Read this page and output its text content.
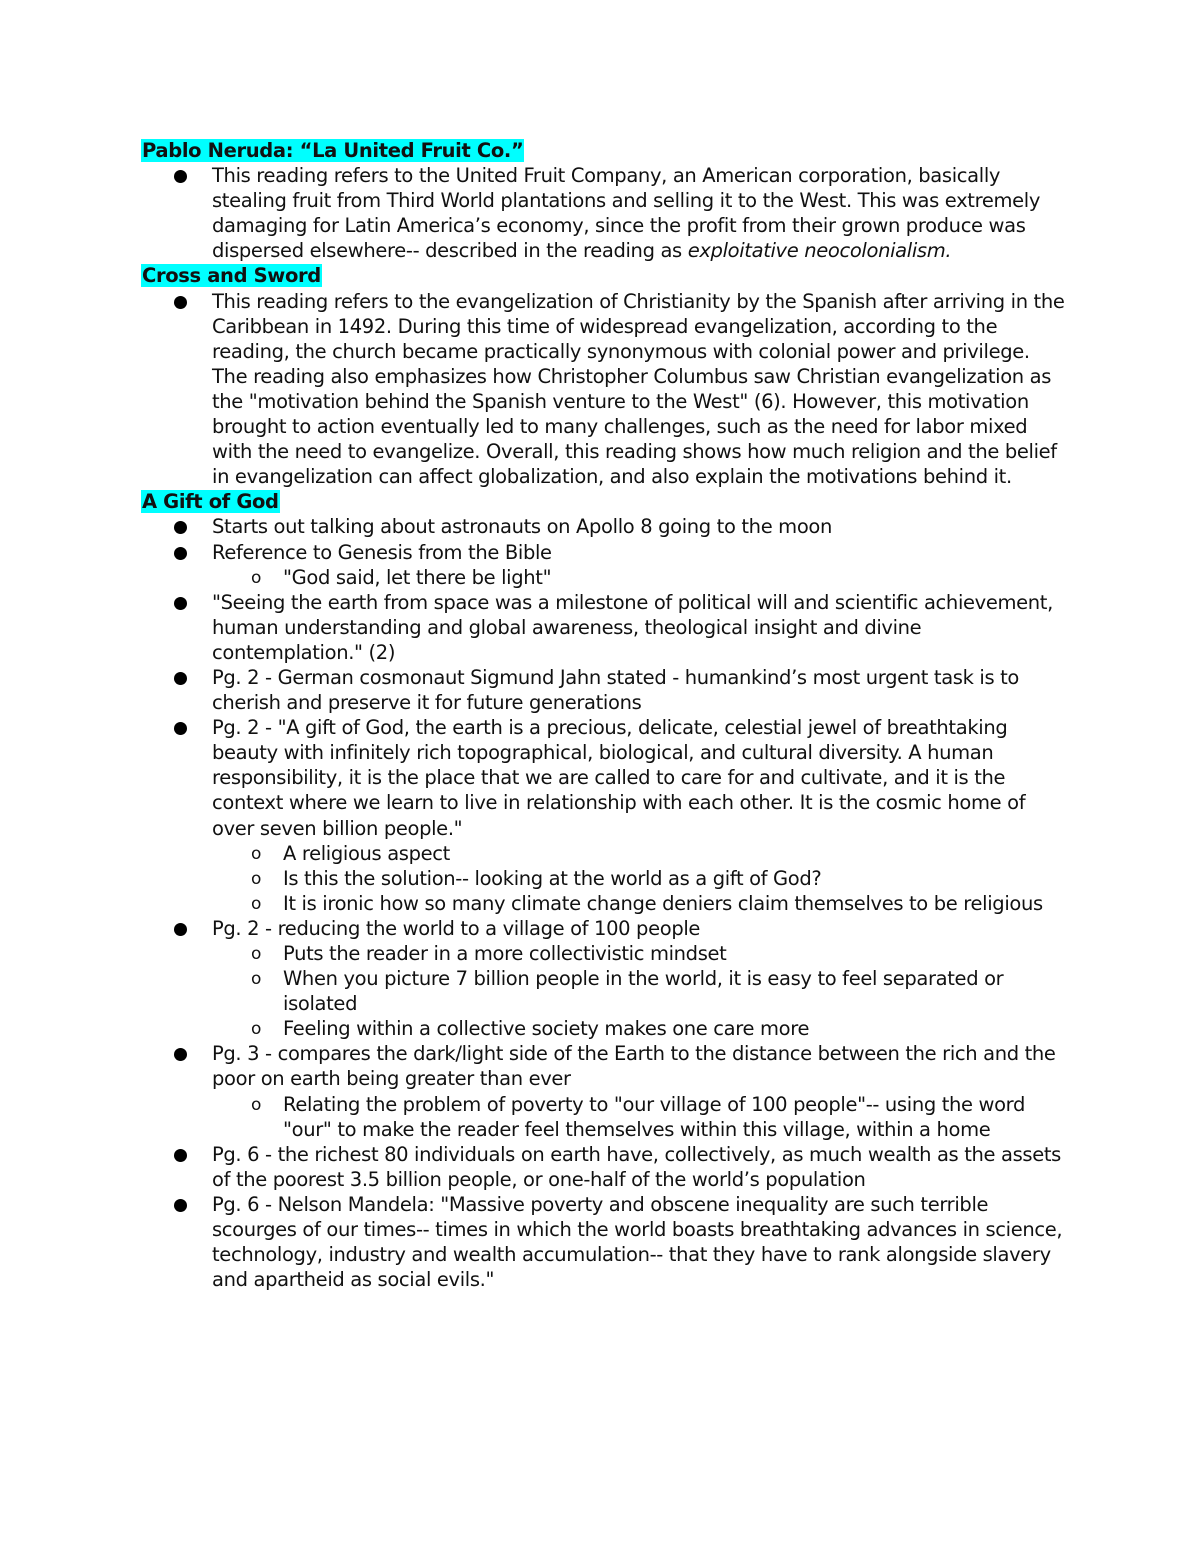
Pablo Neruda: “La United Fruit Co.”
This reading refers to the United Fruit Company, an American corporation, basically stealing fruit from Third World plantations and selling it to the West. This was extremely damaging for Latin America’s economy, since the profit from their grown produce was dispersed elsewhere-- described in the reading as exploitative neocolonialism.
Cross and Sword
This reading refers to the evangelization of Christianity by the Spanish after arriving in the Caribbean in 1492. During this time of widespread evangelization, according to the reading, the church became practically synonymous with colonial power and privilege. The reading also emphasizes how Christopher Columbus saw Christian evangelization as the "motivation behind the Spanish venture to the West" (6). However, this motivation brought to action eventually led to many challenges, such as the need for labor mixed with the need to evangelize. Overall, this reading shows how much religion and the belief in evangelization can affect globalization, and also explain the motivations behind it.
A Gift of God
Starts out talking about astronauts on Apollo 8 going to the moon
Reference to Genesis from the Bible
o "God said, let there be light"
"Seeing the earth from space was a milestone of political will and scientific achievement, human understanding and global awareness, theological insight and divine contemplation." (2)
Pg. 2 - German cosmonaut Sigmund Jahn stated - humankind’s most urgent task is to cherish and preserve it for future generations
Pg. 2 - "A gift of God, the earth is a precious, delicate, celestial jewel of breathtaking beauty with infinitely rich topographical, biological, and cultural diversity. A human responsibility, it is the place that we are called to care for and cultivate, and it is the context where we learn to live in relationship with each other. It is the cosmic home of over seven billion people."
o A religious aspect
o Is this the solution-- looking at the world as a gift of God?
o It is ironic how so many climate change deniers claim themselves to be religious
Pg. 2 - reducing the world to a village of 100 people
o Puts the reader in a more collectivistic mindset
o When you picture 7 billion people in the world, it is easy to feel separated or isolated
o Feeling within a collective society makes one care more
Pg. 3 - compares the dark/light side of the Earth to the distance between the rich and the poor on earth being greater than ever
o Relating the problem of poverty to "our village of 100 people"-- using the word "our" to make the reader feel themselves within this village, within a home
Pg. 6 - the richest 80 individuals on earth have, collectively, as much wealth as the assets of the poorest 3.5 billion people, or one-half of the world’s population
Pg. 6 - Nelson Mandela: "Massive poverty and obscene inequality are such terrible scourges of our times-- times in which the world boasts breathtaking advances in science, technology, industry and wealth accumulation-- that they have to rank alongside slavery and apartheid as social evils."
